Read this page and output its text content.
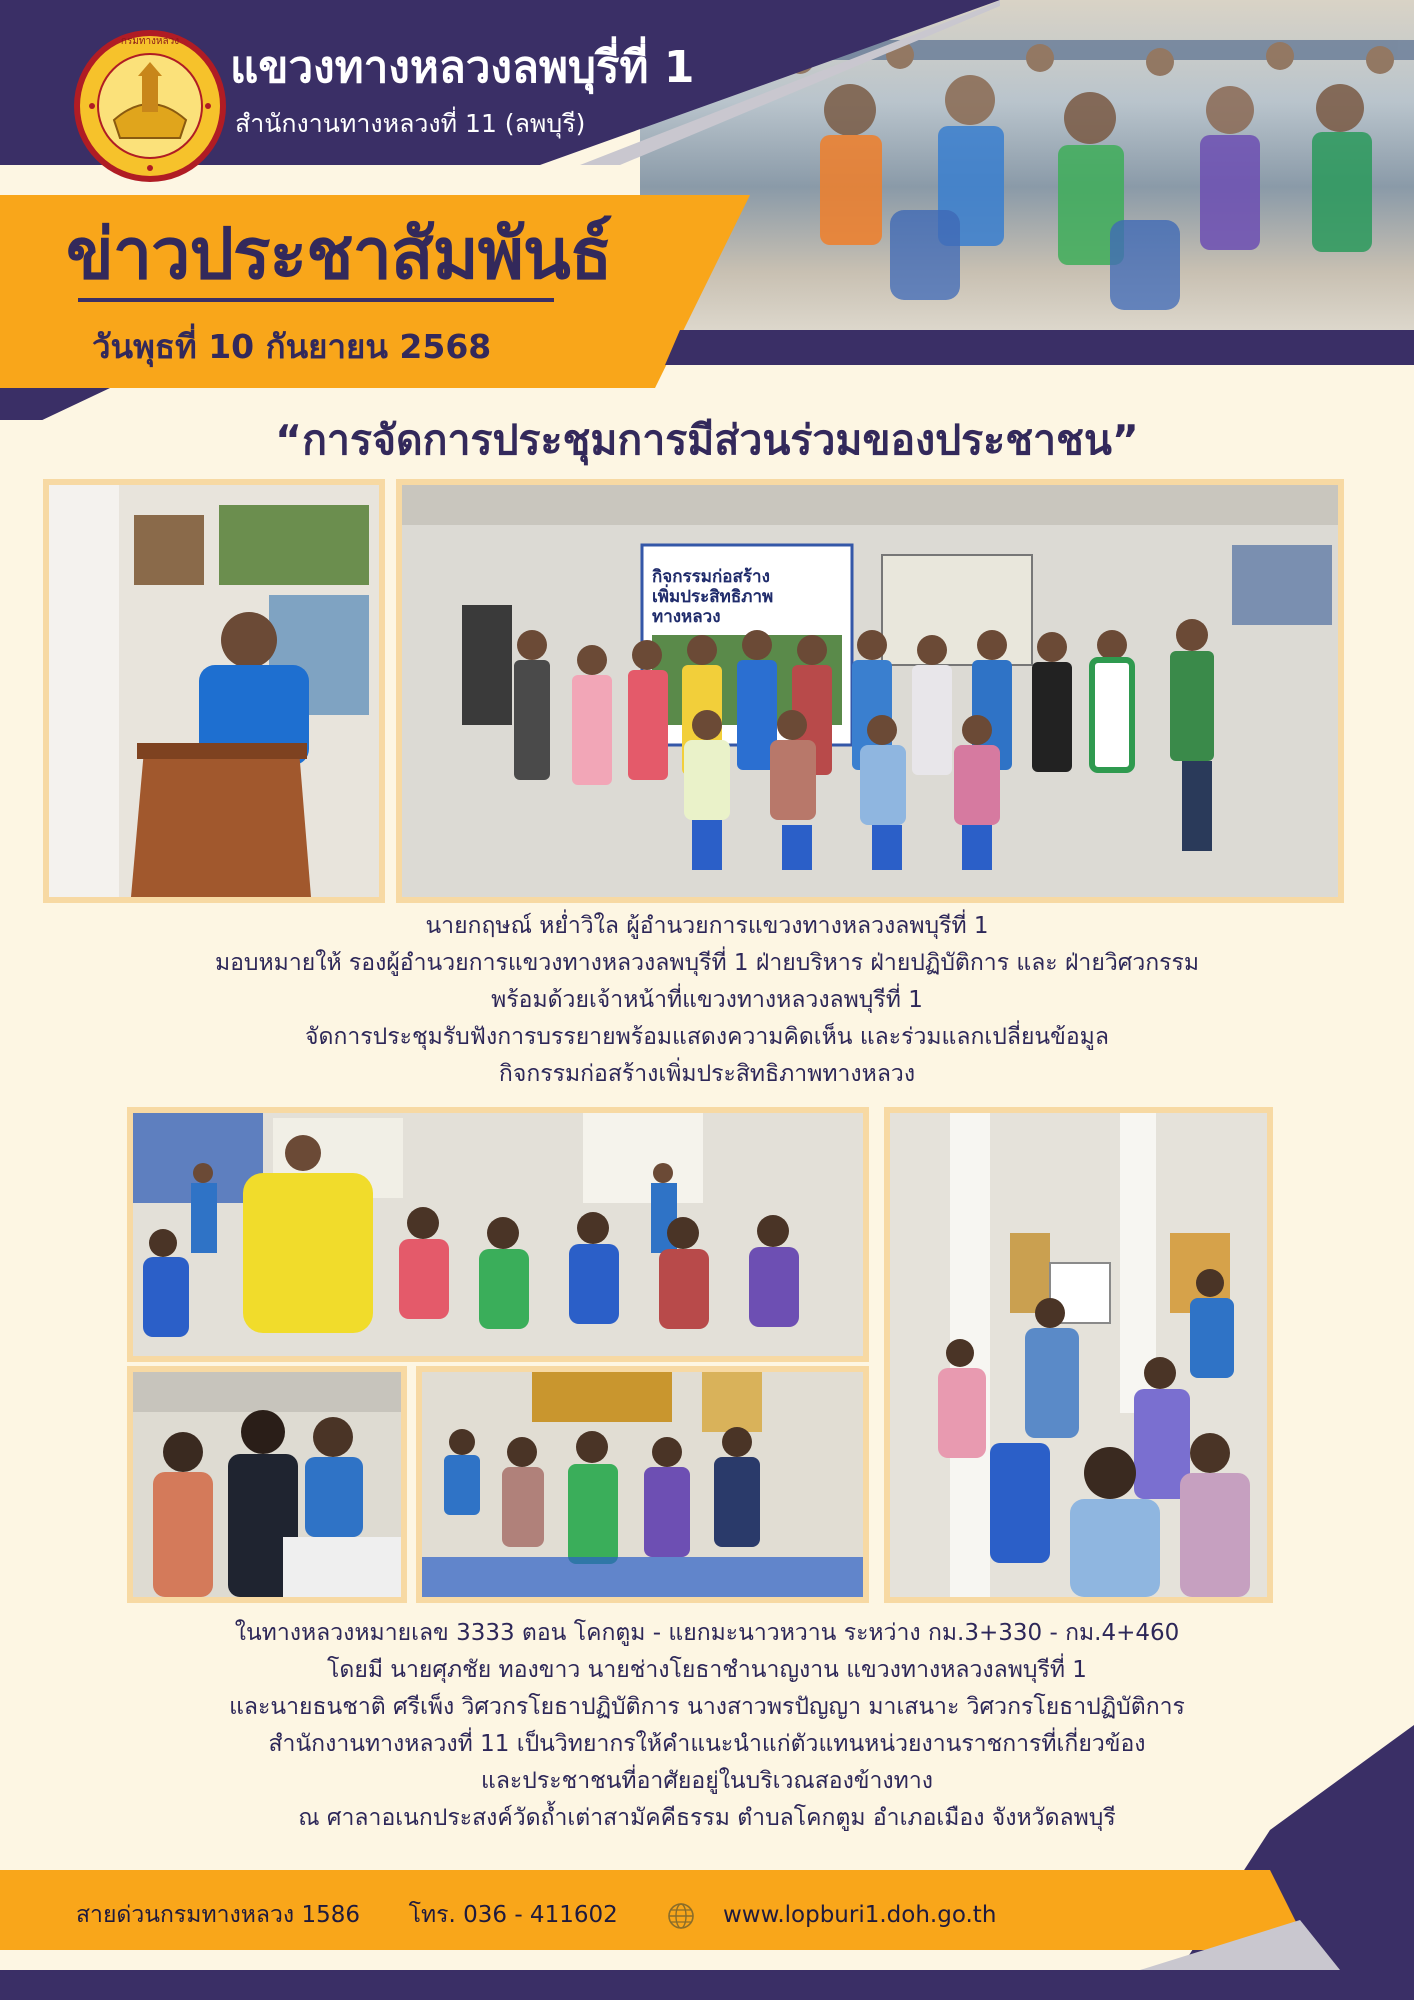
กรมทางหลวง
แขวงทางหลวงลพบุรี่ที่ 1
สำนักงานทางหลวงที่ 11 (ลพบุรี)
ข่าวประชาสัมพันธ์
วันพุธที่ 10 กันยายน 2568
“การจัดการประชุมการมีส่วนร่วมของประชาชน”
กิจกรรมก่อสร้าง
เพิ่มประสิทธิภาพ
ทางหลวง
นายกฤษณ์ หย่ำวิใล ผู้อำนวยการแขวงทางหลวงลพบุรีที่ 1
มอบหมายให้ รองผู้อำนวยการแขวงทางหลวงลพบุรีที่ 1 ฝ่ายบริหาร ฝ่ายปฏิบัติการ และ ฝ่ายวิศวกรรม
พร้อมด้วยเจ้าหน้าที่แขวงทางหลวงลพบุรีที่ 1
จัดการประชุมรับฟังการบรรยายพร้อมแสดงความคิดเห็น และร่วมแลกเปลี่ยนข้อมูล
กิจกรรมก่อสร้างเพิ่มประสิทธิภาพทางหลวง
ในทางหลวงหมายเลข 3333 ตอน โคกตูม - แยกมะนาวหวาน ระหว่าง กม.3+330 - กม.4+460
โดยมี นายศุภชัย ทองขาว นายช่างโยธาชำนาญงาน แขวงทางหลวงลพบุรีที่ 1
และนายธนชาติ ศรีเพ็ง วิศวกรโยธาปฏิบัติการ นางสาวพรปัญญา มาเสนาะ วิศวกรโยธาปฏิบัติการ
สำนักงานทางหลวงที่ 11 เป็นวิทยากรให้คำแนะนำแก่ตัวแทนหน่วยงานราชการที่เกี่ยวข้อง
และประชาชนที่อาศัยอยู่ในบริเวณสองข้างทาง
ณ ศาลาอเนกประสงค์วัดถ้ำเต่าสามัคคีธรรม ตำบลโคกตูม อำเภอเมือง จังหวัดลพบุรี
สายด่วนกรมทางหลวง 1586 โทร. 036 - 411602	www.lopburi1.doh.go.th
